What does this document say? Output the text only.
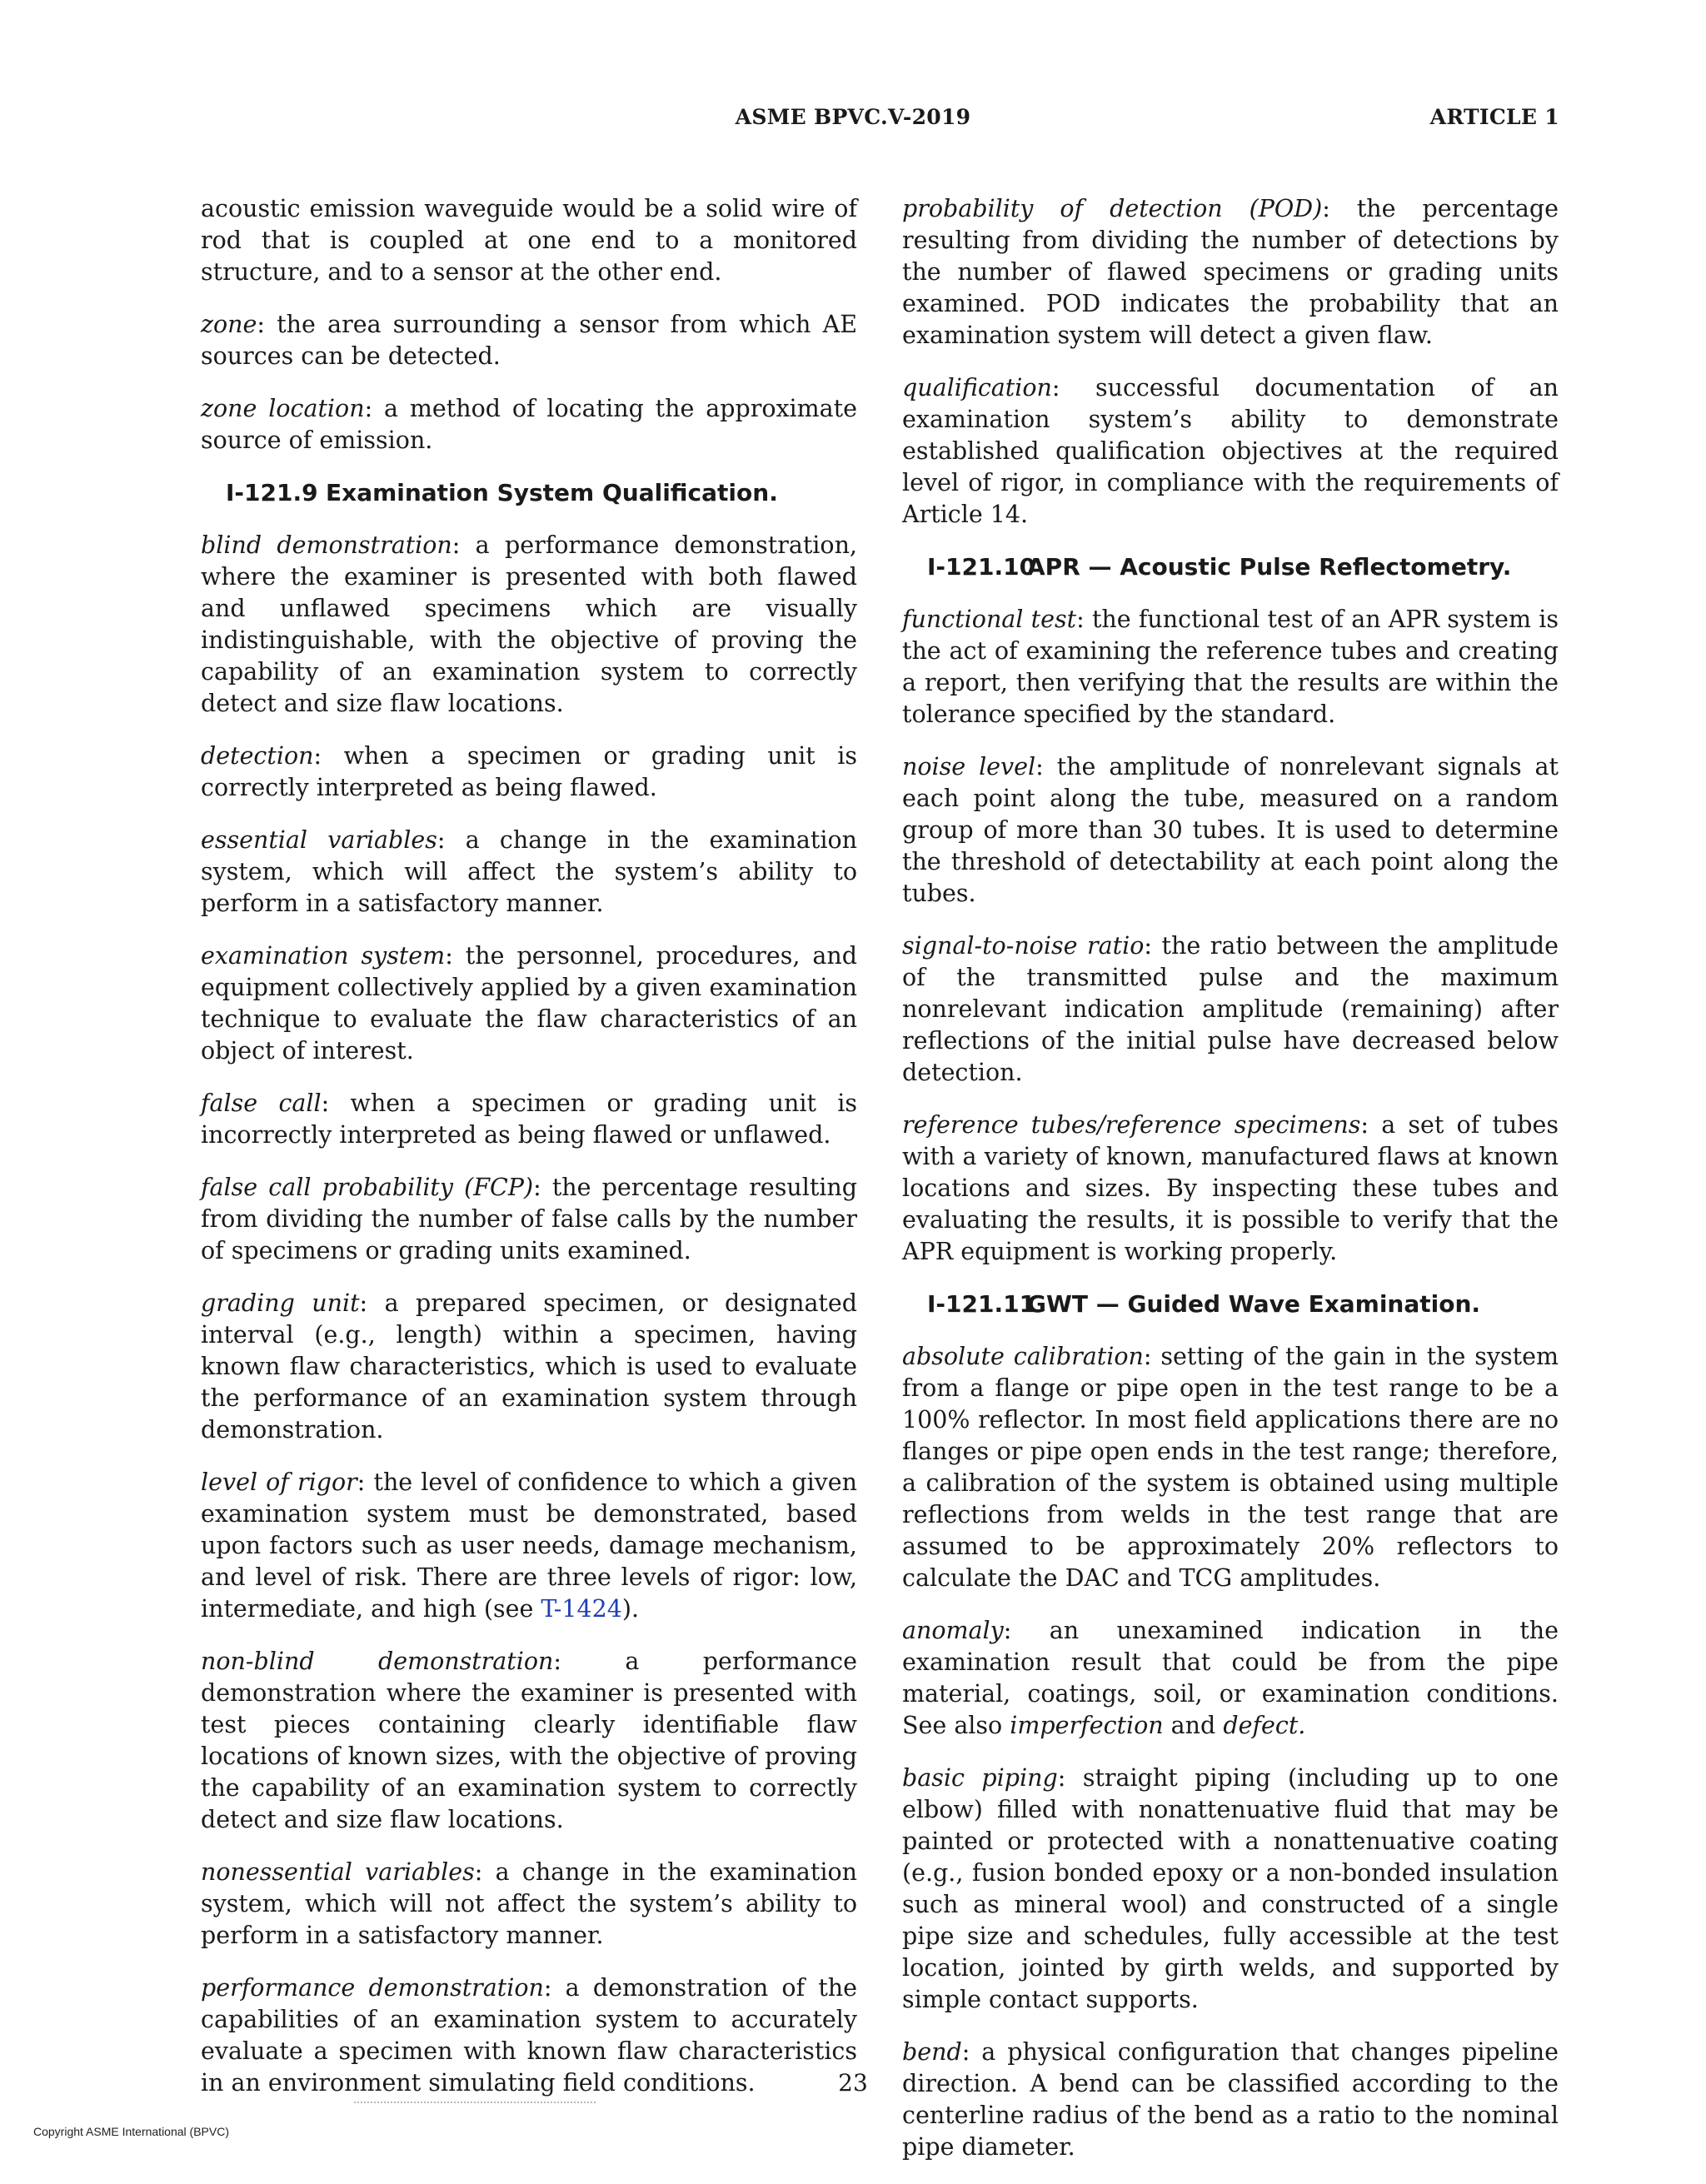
ASME BPVC.V-2019	ARTICLE 1

acoustic emission waveguide would be a solid wire of rod that is coupled at one end to a monitored structure, and to a sensor at the other end.

zone: the area surrounding a sensor from which AE sources can be detected.

zone location: a method of locating the approximate source of emission.

I-121.9 Examination System Qualification.

blind demonstration: a performance demonstration, where the examiner is presented with both flawed and unflawed specimens which are visually indistinguishable, with the objective of proving the capability of an examination system to correctly detect and size flaw locations.

detection: when a specimen or grading unit is correctly interpreted as being flawed.

essential variables: a change in the examination system, which will affect the system’s ability to perform in a satisfactory manner.

examination system: the personnel, procedures, and equipment collectively applied by a given examination technique to evaluate the flaw characteristics of an object of interest.

false call: when a specimen or grading unit is incorrectly interpreted as being flawed or unflawed.

false call probability (FCP): the percentage resulting from dividing the number of false calls by the number of specimens or grading units examined.

grading unit: a prepared specimen, or designated interval (e.g., length) within a specimen, having known flaw characteristics, which is used to evaluate the performance of an examination system through demonstration.

level of rigor: the level of confidence to which a given examination system must be demonstrated, based upon factors such as user needs, damage mechanism, and level of risk. There are three levels of rigor: low, intermediate, and high (see T-1424).

non-blind demonstration: a performance demonstration where the examiner is presented with test pieces containing clearly identifiable flaw locations of known sizes, with the objective of proving the capability of an examination system to correctly detect and size flaw locations.

nonessential variables: a change in the examination system, which will not affect the system’s ability to perform in a satisfactory manner.

performance demonstration: a demonstration of the capabilities of an examination system to accurately evaluate a specimen with known flaw characteristics in an environment simulating field conditions.

probability of detection (POD): the percentage resulting from dividing the number of detections by the number of flawed specimens or grading units examined. POD indicates the probability that an examination system will detect a given flaw.

qualification: successful documentation of an examination system’s ability to demonstrate established qualification objectives at the required level of rigor, in compliance with the requirements of Article 14.

I-121.10APR — Acoustic Pulse Reflectometry.

functional test: the functional test of an APR system is the act of examining the reference tubes and creating a report, then verifying that the results are within the tolerance specified by the standard.

noise level: the amplitude of nonrelevant signals at each point along the tube, measured on a random group of more than 30 tubes. It is used to determine the threshold of detectability at each point along the tubes.

signal-to-noise ratio: the ratio between the amplitude of the transmitted pulse and the maximum nonrelevant indication amplitude (remaining) after reflections of the initial pulse have decreased below detection.

reference tubes/reference specimens: a set of tubes with a variety of known, manufactured flaws at known locations and sizes. By inspecting these tubes and evaluating the results, it is possible to verify that the APR equipment is working properly.

I-121.11GWT — Guided Wave Examination.

absolute calibration: setting of the gain in the system from a flange or pipe open in the test range to be a 100% reflector. In most field applications there are no flanges or pipe open ends in the test range; therefore, a calibration of the system is obtained using multiple reflections from welds in the test range that are assumed to be approximately 20% reflectors to calculate the DAC and TCG amplitudes.

anomaly: an unexamined indication in the examination result that could be from the pipe material, coatings, soil, or examination conditions. See also imperfection and defect.

basic piping: straight piping (including up to one elbow) filled with nonattenuative fluid that may be painted or protected with a nonattenuative coating (e.g., fusion bonded epoxy or a non-bonded insulation such as mineral wool) and constructed of a single pipe size and schedules, fully accessible at the test location, jointed by girth welds, and supported by simple contact supports.

bend: a physical configuration that changes pipeline direction. A bend can be classified according to the centerline radius of the bend as a ratio to the nominal pipe diameter.

23
Copyright ASME International (BPVC)
